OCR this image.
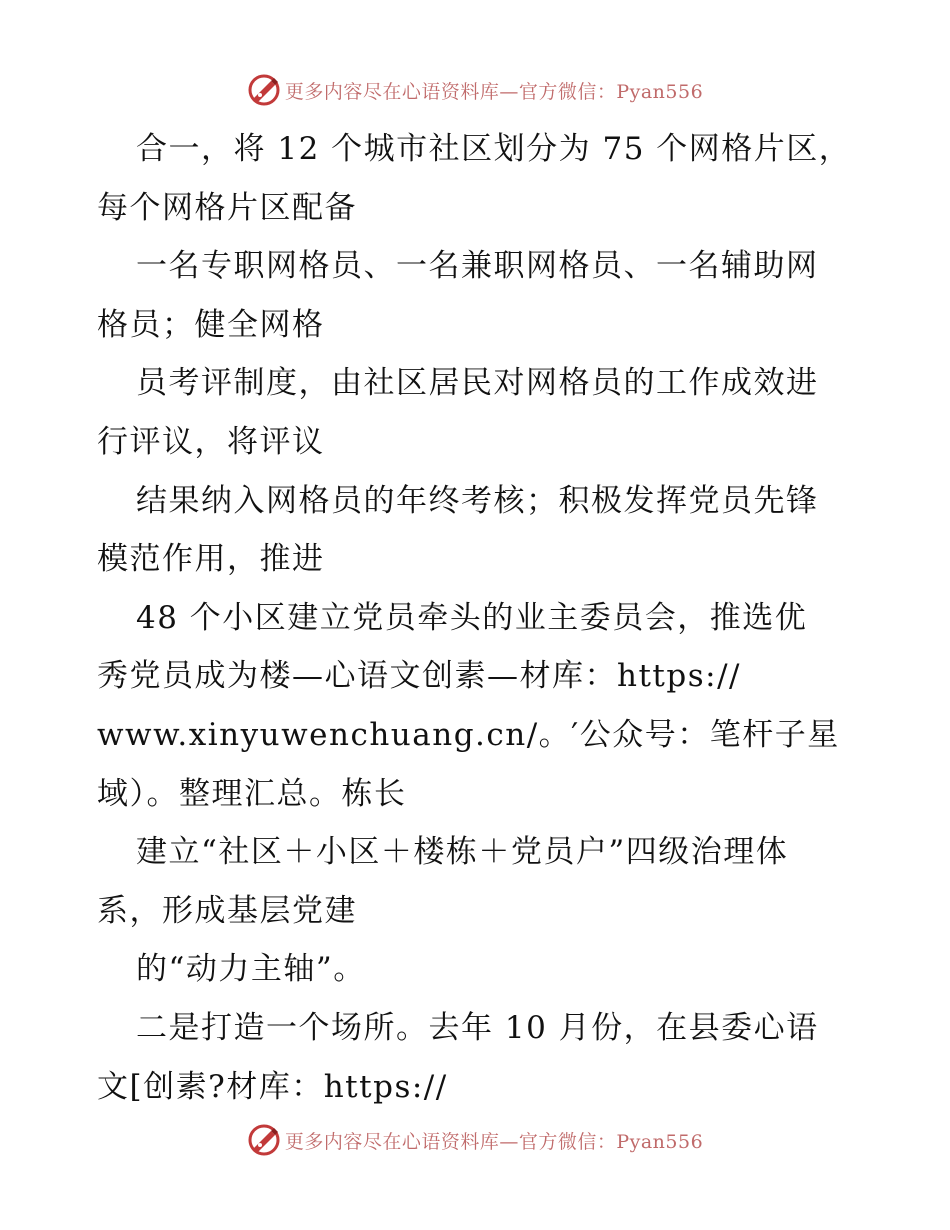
更多内容尽在心语资料库—官方微信：Pyan556
合一，将 12 个城市社区划分为 75 个网格片区，
每个网格片区配备
一名专职网格员、一名兼职网格员、一名辅助网
格员；健全网格
员考评制度，由社区居民对网格员的工作成效进
行评议，将评议
结果纳入网格员的年终考核；积极发挥党员先锋
模范作用，推进
48 个小区建立党员牵头的业主委员会，推选优
秀党员成为楼—心语文创素—材库：https://
www.xinyuwenchuang.cn/。′公众号：笔杆子星
域）。整理汇总。栋长
建立“社区＋小区＋楼栋＋党员户”四级治理体
系，形成基层党建
的“动力主轴”。
二是打造一个场所。去年 10 月份，在县委心语
文[创素?材库：https://
更多内容尽在心语资料库—官方微信：Pyan556
